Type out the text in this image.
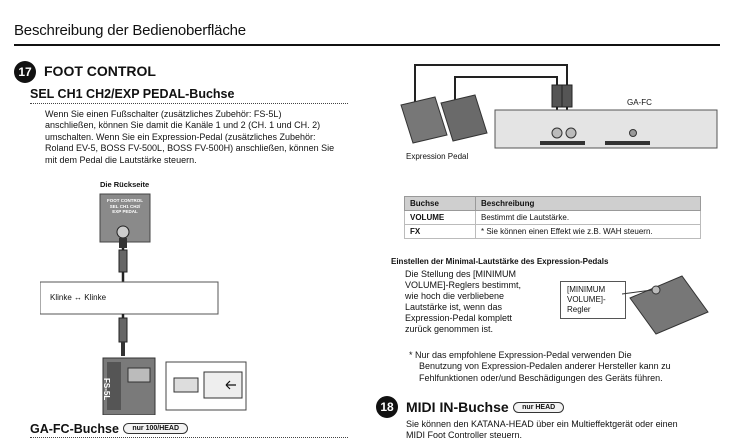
Beschreibung der Bedienoberfläche
17 FOOT CONTROL
SEL CH1 CH2/EXP PEDAL-Buchse
Wenn Sie einen Fußschalter (zusätzliches Zubehör: FS-5L)
anschließen, können Sie damit die Kanäle 1 und 2 (CH. 1 und CH. 2)
umschalten. Wenn Sie ein Expression-Pedal (zusätzliches Zubehör:
Roland EV-5, BOSS FV-500L, BOSS FV-500H) anschließen, können Sie
mit dem Pedal die Lautstärke steuern.
Die Rückseite
FOOT CONTROL
SEL CH1 CH2/
EXP PEDAL
Klinke ↔ Klinke
FS-5L
GA-FC-Buchse nur 100/HEAD
GA-FC
Expression Pedal
Buchse	Beschreibung
VOLUME	Bestimmt die Lautstärke.
FX	* Sie können einen Effekt wie z.B. WAH steuern.
Einstellen der Minimal-Lautstärke des Expression-Pedals
Die Stellung des [MINIMUM
VOLUME]-Reglers bestimmt,
wie hoch die verbliebene
Lautstärke ist, wenn das
Expression-Pedal komplett
zurück genommen ist.
[MINIMUM
VOLUME]-
Regler
* Nur das empfohlene Expression-Pedal verwenden Die
Benutzung von Expression-Pedalen anderer Hersteller kann zu
Fehlfunktionen oder/und Beschädigungen des Geräts führen.
18 MIDI IN-Buchse nur HEAD
Sie können den KATANA-HEAD über ein Multieffektgerät oder einen
MIDI Foot Controller steuern.
